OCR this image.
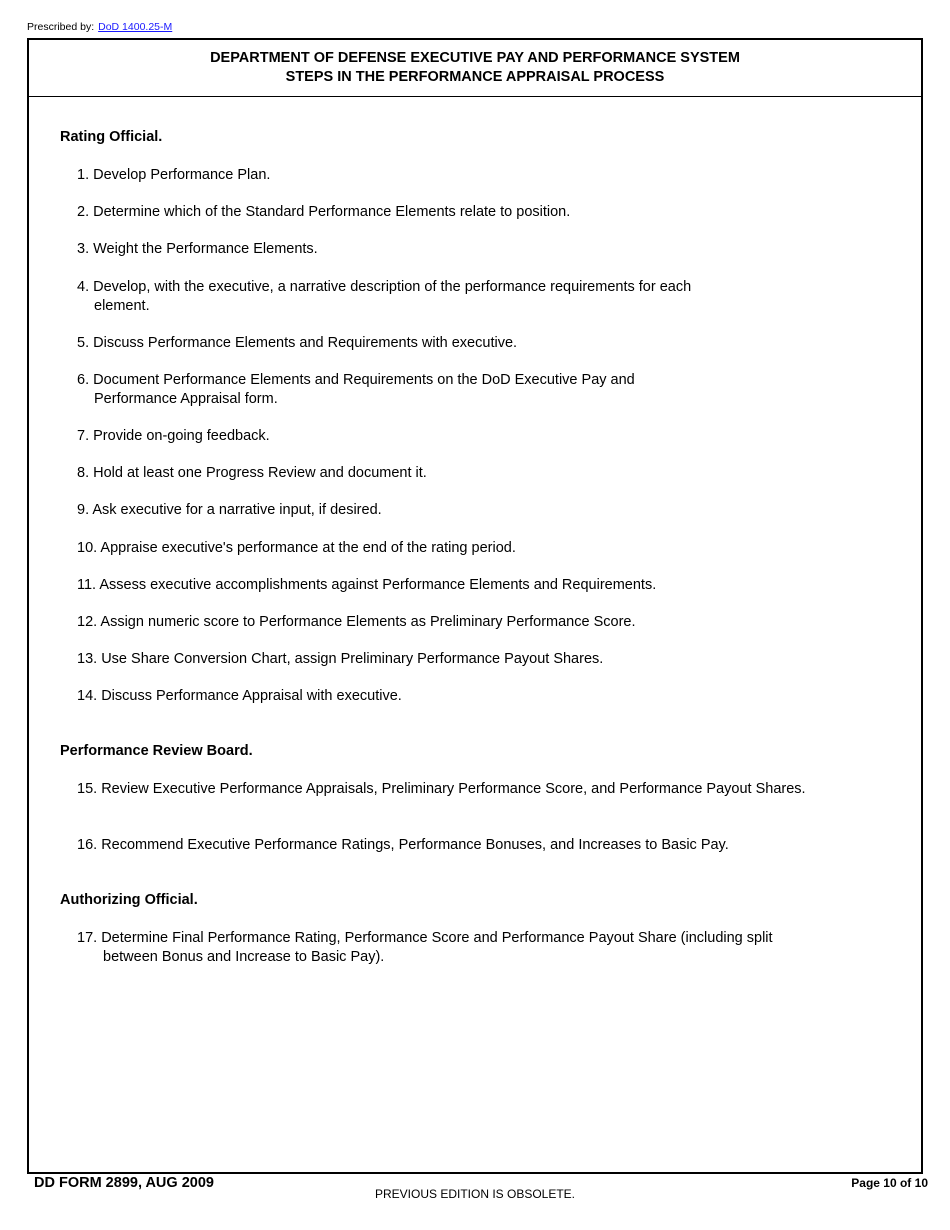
Prescribed by: DoD 1400.25-M
DEPARTMENT OF DEFENSE EXECUTIVE PAY AND PERFORMANCE SYSTEM
STEPS IN THE PERFORMANCE APPRAISAL PROCESS
Rating Official.
1. Develop Performance Plan.
2. Determine which of the Standard Performance Elements relate to position.
3. Weight the Performance Elements.
4. Develop, with the executive, a narrative description of the performance requirements for each element.
5. Discuss Performance Elements and Requirements with executive.
6. Document Performance Elements and Requirements on the DoD Executive Pay and Performance Appraisal form.
7. Provide on-going feedback.
8. Hold at least one Progress Review and document it.
9. Ask executive for a narrative input, if desired.
10. Appraise executive's performance at the end of the rating period.
11. Assess executive accomplishments against Performance Elements and Requirements.
12. Assign numeric score to Performance Elements as Preliminary Performance Score.
13. Use Share Conversion Chart, assign Preliminary Performance Payout Shares.
14. Discuss Performance Appraisal with executive.
Performance Review Board.
15. Review Executive Performance Appraisals, Preliminary Performance Score, and Performance Payout Shares.
16. Recommend Executive Performance Ratings, Performance Bonuses, and Increases to Basic Pay.
Authorizing Official.
17. Determine Final Performance Rating, Performance Score and Performance Payout Share (including split between Bonus and Increase to Basic Pay).
DD FORM 2899, AUG 2009
PREVIOUS EDITION IS OBSOLETE.
Page 10 of 10
